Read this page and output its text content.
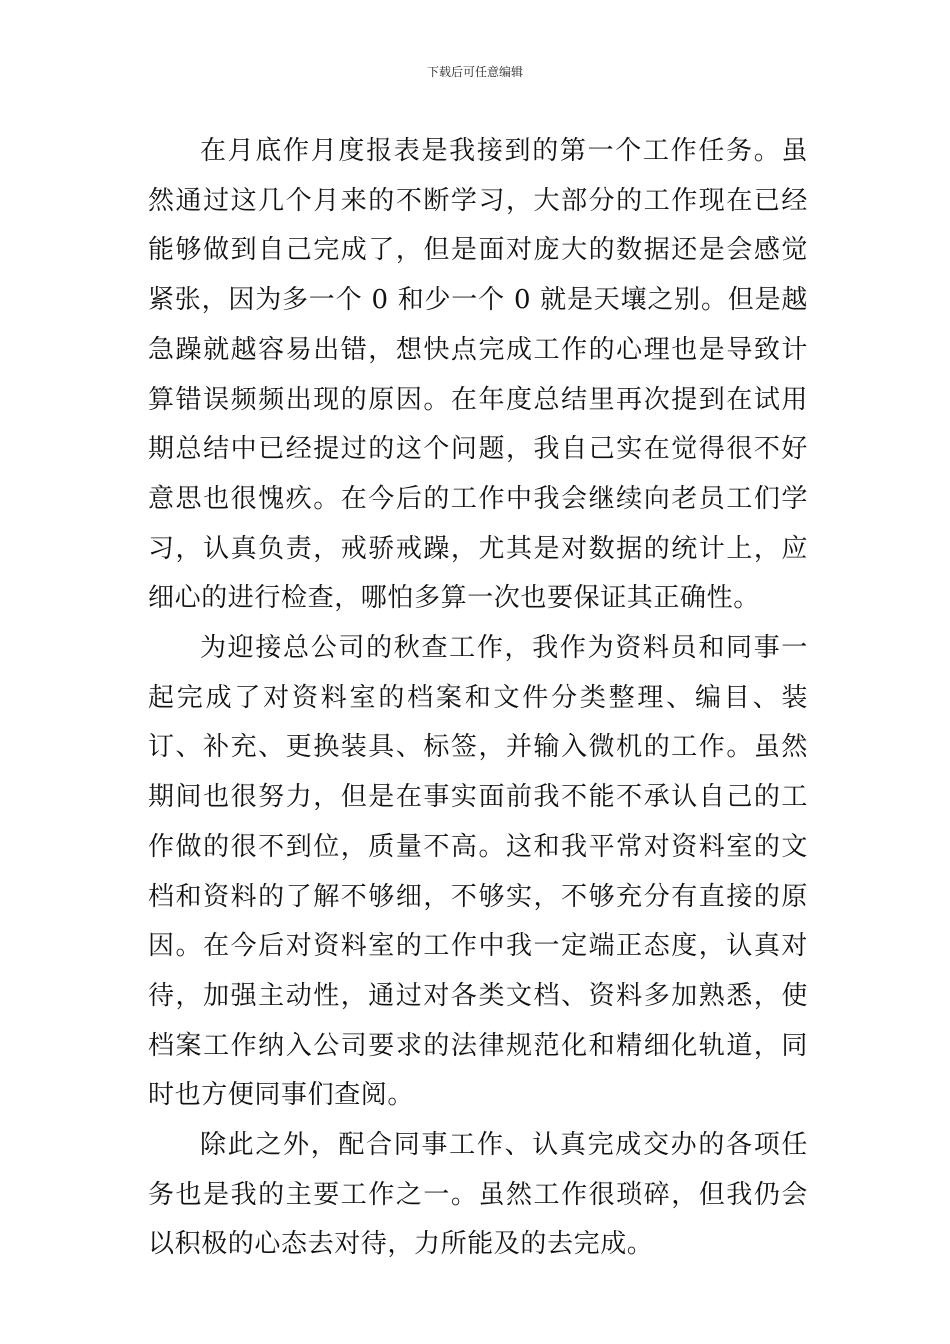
下载后可任意编辑

在月底作月度报表是我接到的第一个工作任务。虽然通过这几个月来的不断学习，大部分的工作现在已经能够做到自己完成了，但是面对庞大的数据还是会感觉紧张，因为多一个 0 和少一个 0 就是天壤之别。但是越急躁就越容易出错，想快点完成工作的心理也是导致计算错误频频出现的原因。在年度总结里再次提到在试用期总结中已经提过的这个问题，我自己实在觉得很不好意思也很愧疚。在今后的工作中我会继续向老员工们学习，认真负责，戒骄戒躁，尤其是对数据的统计上，应细心的进行检查，哪怕多算一次也要保证其正确性。

为迎接总公司的秋查工作，我作为资料员和同事一起完成了对资料室的档案和文件分类整理、编目、装订、补充、更换装具、标签，并输入微机的工作。虽然期间也很努力，但是在事实面前我不能不承认自己的工作做的很不到位，质量不高。这和我平常对资料室的文档和资料的了解不够细，不够实，不够充分有直接的原因。在今后对资料室的工作中我一定端正态度，认真对待，加强主动性，通过对各类文档、资料多加熟悉，使档案工作纳入公司要求的法律规范化和精细化轨道，同时也方便同事们查阅。

除此之外，配合同事工作、认真完成交办的各项任务也是我的主要工作之一。虽然工作很琐碎，但我仍会以积极的心态去对待，力所能及的去完成。
